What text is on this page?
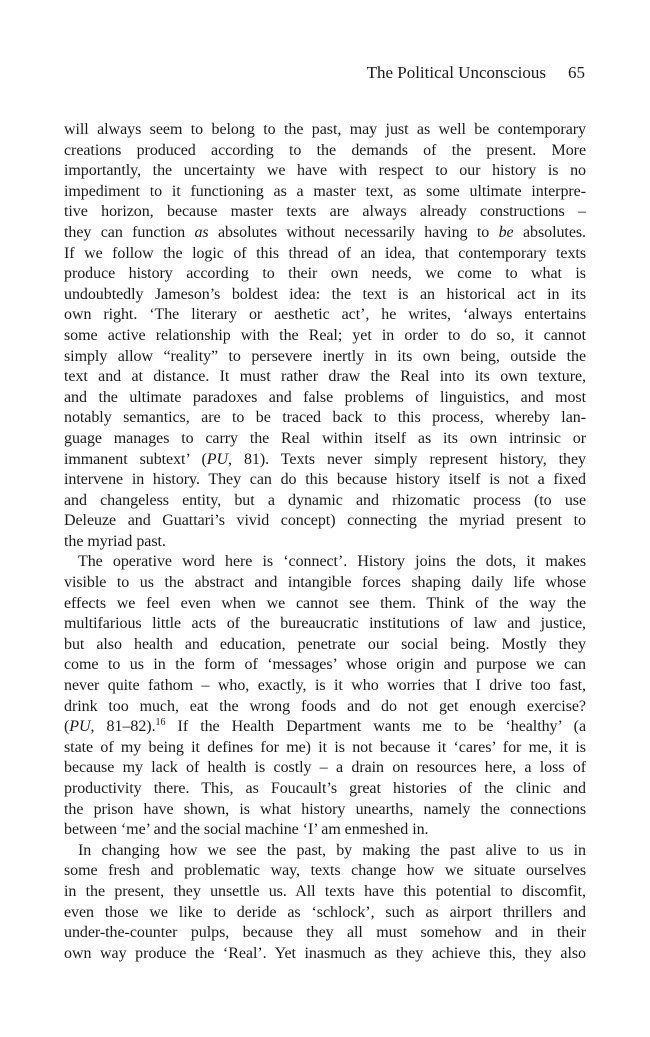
The Political Unconscious 65
will always seem to belong to the past, may just as well be contemporary
creations produced according to the demands of the present. More
importantly, the uncertainty we have with respect to our history is no
impediment to it functioning as a master text, as some ultimate interpre-
tive horizon, because master texts are always already constructions –
they can function as absolutes without necessarily having to be absolutes.
If we follow the logic of this thread of an idea, that contemporary texts
produce history according to their own needs, we come to what is
undoubtedly Jameson’s boldest idea: the text is an historical act in its
own right. ‘The literary or aesthetic act’, he writes, ‘always entertains
some active relationship with the Real; yet in order to do so, it cannot
simply allow “reality” to persevere inertly in its own being, outside the
text and at distance. It must rather draw the Real into its own texture,
and the ultimate paradoxes and false problems of linguistics, and most
notably semantics, are to be traced back to this process, whereby lan-
guage manages to carry the Real within itself as its own intrinsic or
immanent subtext’ (PU, 81). Texts never simply represent history, they
intervene in history. They can do this because history itself is not a fixed
and changeless entity, but a dynamic and rhizomatic process (to use
Deleuze and Guattari’s vivid concept) connecting the myriad present to
the myriad past.
The operative word here is ‘connect’. History joins the dots, it makes
visible to us the abstract and intangible forces shaping daily life whose
effects we feel even when we cannot see them. Think of the way the
multifarious little acts of the bureaucratic institutions of law and justice,
but also health and education, penetrate our social being. Mostly they
come to us in the form of ‘messages’ whose origin and purpose we can
never quite fathom – who, exactly, is it who worries that I drive too fast,
drink too much, eat the wrong foods and do not get enough exercise?
(PU, 81–82).$^{16}$ If the Health Department wants me to be ‘healthy’ (a
state of my being it defines for me) it is not because it ‘cares’ for me, it is
because my lack of health is costly – a drain on resources here, a loss of
productivity there. This, as Foucault’s great histories of the clinic and
the prison have shown, is what history unearths, namely the connections
between ‘me’ and the social machine ‘I’ am enmeshed in.
In changing how we see the past, by making the past alive to us in
some fresh and problematic way, texts change how we situate ourselves
in the present, they unsettle us. All texts have this potential to discomfit,
even those we like to deride as ‘schlock’, such as airport thrillers and
under-the-counter pulps, because they all must somehow and in their
own way produce the ‘Real’. Yet inasmuch as they achieve this, they also
